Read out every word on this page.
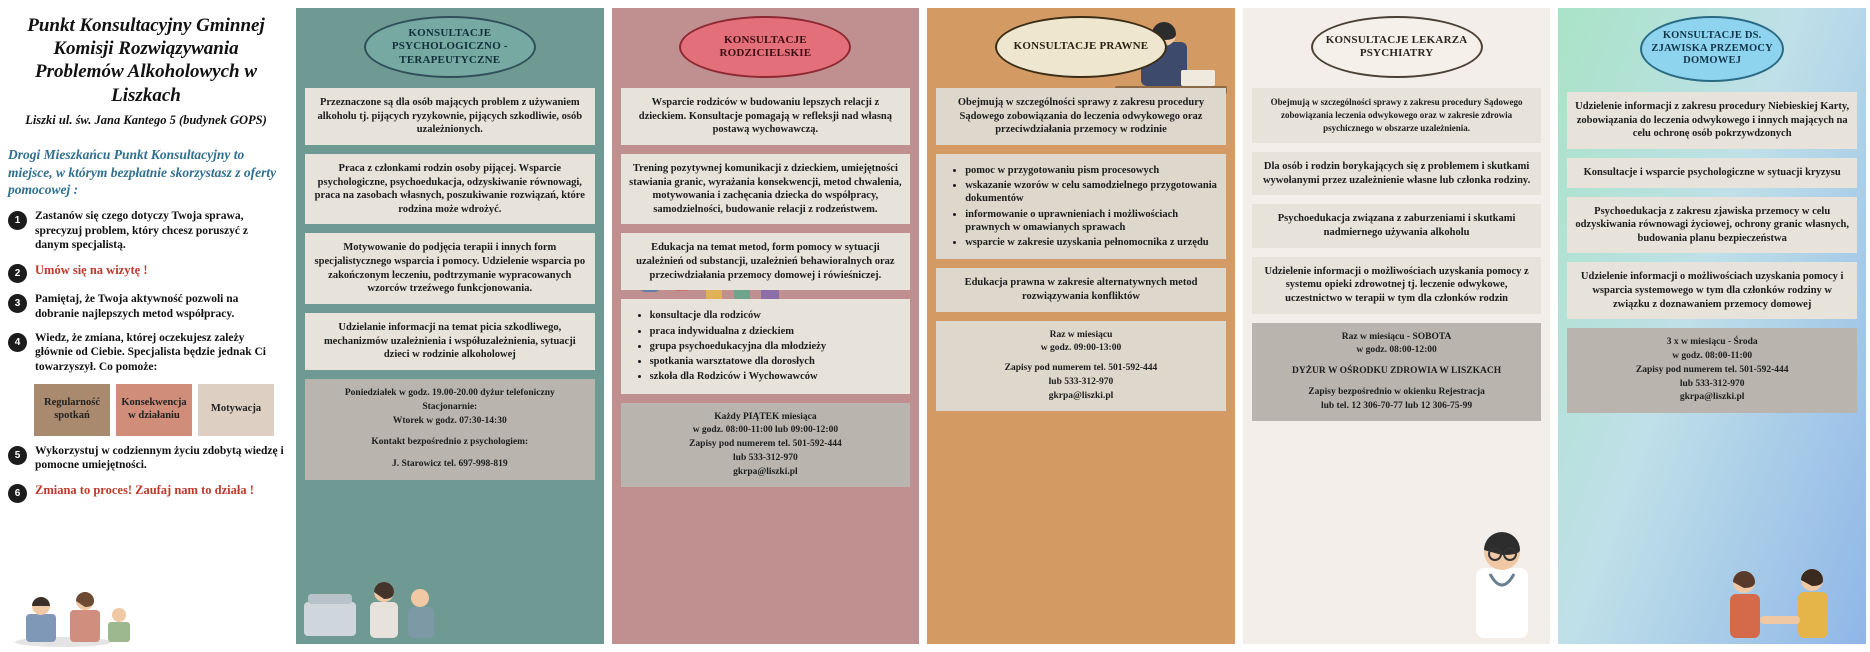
Punkt Konsultacyjny Gminnej Komisji Rozwiązywania Problemów Alkoholowych w Liszkach
Liszki ul. św. Jana Kantego 5 (budynek GOPS)
Drogi Mieszkańcu Punkt Konsultacyjny to miejsce, w którym bezpłatnie skorzystasz z oferty pomocowej :
1	Zastanów się czego dotyczy Twoja sprawa, sprecyzuj problem, który chcesz poruszyć z danym specjalistą.
2	Umów się na wizytę !
3	Pamiętaj, że Twoja aktywność pozwoli na dobranie najlepszych metod współpracy.
4	Wiedz, że zmiana, której oczekujesz zależy głównie od Ciebie. Specjalista będzie jednak Ci towarzyszył. Co pomoże:
Regularność spotkań
Konsekwencja w działaniu
Motywacja
5	Wykorzystuj w codziennym życiu zdobytą wiedzę i pomocne umiejętności.
6	Zmiana to proces! Zaufaj nam to działa !
KONSULTACJE PSYCHOLOGICZNO - TERAPEUTYCZNE
Przeznaczone są dla osób mających problem z używaniem alkoholu tj. pijących ryzykownie, pijących szkodliwie, osób uzależnionych.
Praca z członkami rodzin osoby pijącej. Wsparcie psychologiczne, psychoedukacja, odzyskiwanie równowagi, praca na zasobach własnych, poszukiwanie rozwiązań, które rodzina może wdrożyć.
Motywowanie do podjęcia terapii i innych form specjalistycznego wsparcia i pomocy. Udzielenie wsparcia po zakończonym leczeniu, podtrzymanie wypracowanych wzorców trzeźwego funkcjonowania.
Udzielanie informacji na temat picia szkodliwego, mechanizmów uzależnienia i współuzależnienia, sytuacji dzieci w rodzinie alkoholowej
Poniedziałek w godz. 19.00-20.00 dyżur telefoniczny
Stacjonarnie:
Wtorek w godz. 07:30-14:30
Kontakt bezpośrednio z psychologiem:
J. Starowicz tel. 697-998-819
KONSULTACJE RODZICIELSKIE
Wsparcie rodziców w budowaniu lepszych relacji z dzieckiem. Konsultacje pomagają w refleksji nad własną postawą wychowawczą.
Trening pozytywnej komunikacji z dzieckiem, umiejętności stawiania granic, wyrażania konsekwencji, metod chwalenia, motywowania i zachęcania dziecka do współpracy, samodzielności, budowanie relacji z rodzeństwem.
Edukacja na temat metod, form pomocy w sytuacji uzależnień od substancji, uzależnień behawioralnych oraz przeciwdziałania przemocy domowej i rówieśniczej.
• konsultacje dla rodziców
• praca indywidualna z dzieckiem
• grupa psychoedukacyjna dla młodzieży
• spotkania warsztatowe dla dorosłych
• szkoła dla Rodziców i Wychowawców
Każdy PIĄTEK miesiąca
w godz. 08:00-11:00 lub 09:00-12:00
Zapisy pod numerem tel. 501-592-444
lub 533-312-970
gkrpa@liszki.pl
KONSULTACJE PRAWNE
Obejmują w szczególności sprawy z zakresu procedury Sądowego zobowiązania do leczenia odwykowego oraz przeciwdziałania przemocy w rodzinie
• pomoc w przygotowaniu pism procesowych
• wskazanie wzorów w celu samodzielnego przygotowania dokumentów
• informowanie o uprawnieniach i możliwościach prawnych w omawianych sprawach
• wsparcie w zakresie uzyskania pełnomocnika z urzędu
Edukacja prawna w zakresie alternatywnych metod rozwiązywania konfliktów
Raz w miesiącu
w godz. 09:00-13:00
Zapisy pod numerem tel. 501-592-444
lub 533-312-970
gkrpa@liszki.pl
KONSULTACJE LEKARZA PSYCHIATRY
Obejmują w szczególności sprawy z zakresu procedury Sądowego zobowiązania leczenia odwykowego oraz w zakresie zdrowia psychicznego w obszarze uzależnienia.
Dla osób i rodzin borykających się z problemem i skutkami wywołanymi przez uzależnienie własne lub członka rodziny.
Psychoedukacja związana z zaburzeniami i skutkami nadmiernego używania alkoholu
Udzielenie informacji o możliwościach uzyskania pomocy z systemu opieki zdrowotnej tj. leczenie odwykowe, uczestnictwo w terapii w tym dla członków rodzin
Raz w miesiącu - SOBOTA
w godz. 08:00-12:00
DYŻUR W OŚRODKU ZDROWIA W LISZKACH
Zapisy bezpośrednio w okienku Rejestracja
lub tel. 12 306-70-77 lub 12 306-75-99
KONSULTACJE DS. ZJAWISKA PRZEMOCY DOMOWEJ
Udzielenie informacji z zakresu procedury Niebieskiej Karty, zobowiązania do leczenia odwykowego i innych mających na celu ochronę osób pokrzywdzonych
Konsultacje i wsparcie psychologiczne w sytuacji kryzysu
Psychoedukacja z zakresu zjawiska przemocy w celu odzyskiwania równowagi życiowej, ochrony granic własnych, budowania planu bezpieczeństwa
Udzielenie informacji o możliwościach uzyskania pomocy i wsparcia systemowego w tym dla członków rodziny w związku z doznawaniem przemocy domowej
3 x w miesiącu - Środa
w godz. 08:00-11:00
Zapisy pod numerem tel. 501-592-444
lub 533-312-970
gkrpa@liszki.pl
